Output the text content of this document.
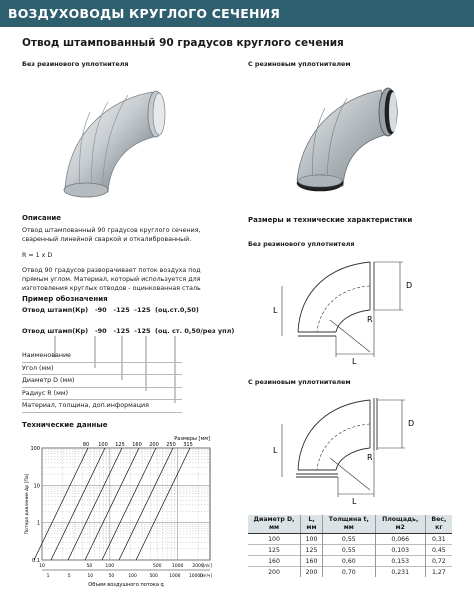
ВОЗДУХОВОДЫ КРУГЛОГО СЕЧЕНИЯ
Отвод штампованный 90 градусов круглого сечения
Без резинового уплотнителя	С резиновым уплотнителем
Описание
Отвод штампованный 90 градусов круглого сечения,
сваренный линейной сваркой и откалиброванный.
R = 1 x D
Отвод 90 градусов разворачивает поток воздуха под
прямым углом. Материал, который используется для
изготовления круглых отводов - оцинкованная сталь
Пример обозначения
Отвод штамп(Кр)   -90   -125  -125  (оц.ст.0,50)
Отвод штамп(Кр)   -90   -125  -125  (оц. ст. 0,50/рез упл)
Наименование
Угол (мм)
Диаметр D (мм)
Радиус R (мм)
Материал, толщина, доп.информация
Технические данные
80 100 125 160 200 250 315
Размеры [мм]
100
10
1
0.1
10	50	100	500 1000 2000
[л/с]
1	5	10	50	100	500	1000 10000
[м³/ч]
Объем воздушного потока q
Потеря давления ∆p [Па]
Размеры и технические характеристики
Без резинового уплотнителя
С резиновым уплотнителем
D
L
L
R
D
L
L
R
Диаметр D, мм	L, мм	Толщина t, мм	Площадь, м2	Вес, кг
100	100	0,55	0,066	0,31
125	125	0,55	0,103	0,45
160	160	0,60	0,153	0,72
200	200	0,70	0,231	1,27
